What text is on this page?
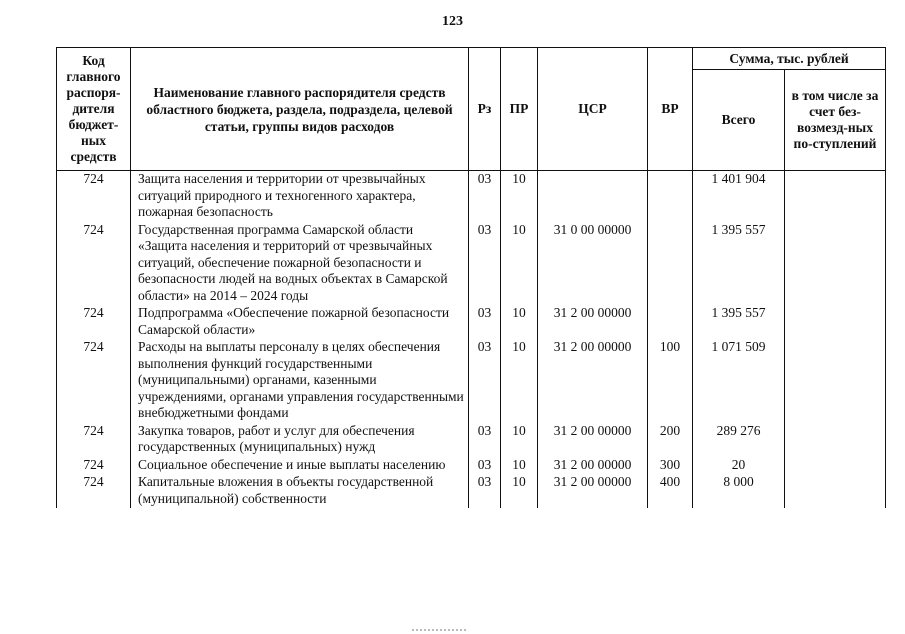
123
Код главного распоря-дителя бюджет-ных средств	Наименование главного распорядителя средств областного бюджета, раздела, подраздела, целевой статьи, группы видов расходов	Рз	ПР	ЦСР	ВР	Сумма, тыс. рублей	
						Всего	в том числе за счет без-возмезд-ных по-ступлений
724	Защита населения и территории от чрезвычайных ситуаций природного и техногенного характера, пожарная безопасность	03	10			1 401 904	
724	Государственная программа Самарской области «Защита населения и территорий от чрезвычайных ситуаций, обеспечение пожарной безопасности и безопасности людей на водных объектах в Самарской области» на 2014 – 2024 годы	03	10	31 0 00 00000		1 395 557	
724	Подпрограмма «Обеспечение пожарной безопасности Самарской области»	03	10	31 2 00 00000		1 395 557	
724	Расходы на выплаты персоналу в целях обеспечения выполнения функций государственными (муниципальными) органами, казенными учреждениями, органами управления государственными внебюджетными фондами	03	10	31 2 00 00000	100	1 071 509	
724	Закупка товаров, работ и услуг для обеспечения государственных (муниципальных) нужд	03	10	31 2 00 00000	200	289 276	
724	Социальное обеспечение и иные выплаты населению	03	10	31 2 00 00000	300	20	
724	Капитальные вложения в объекты государственной (муниципальной) собственности	03	10	31 2 00 00000	400	8 000	
